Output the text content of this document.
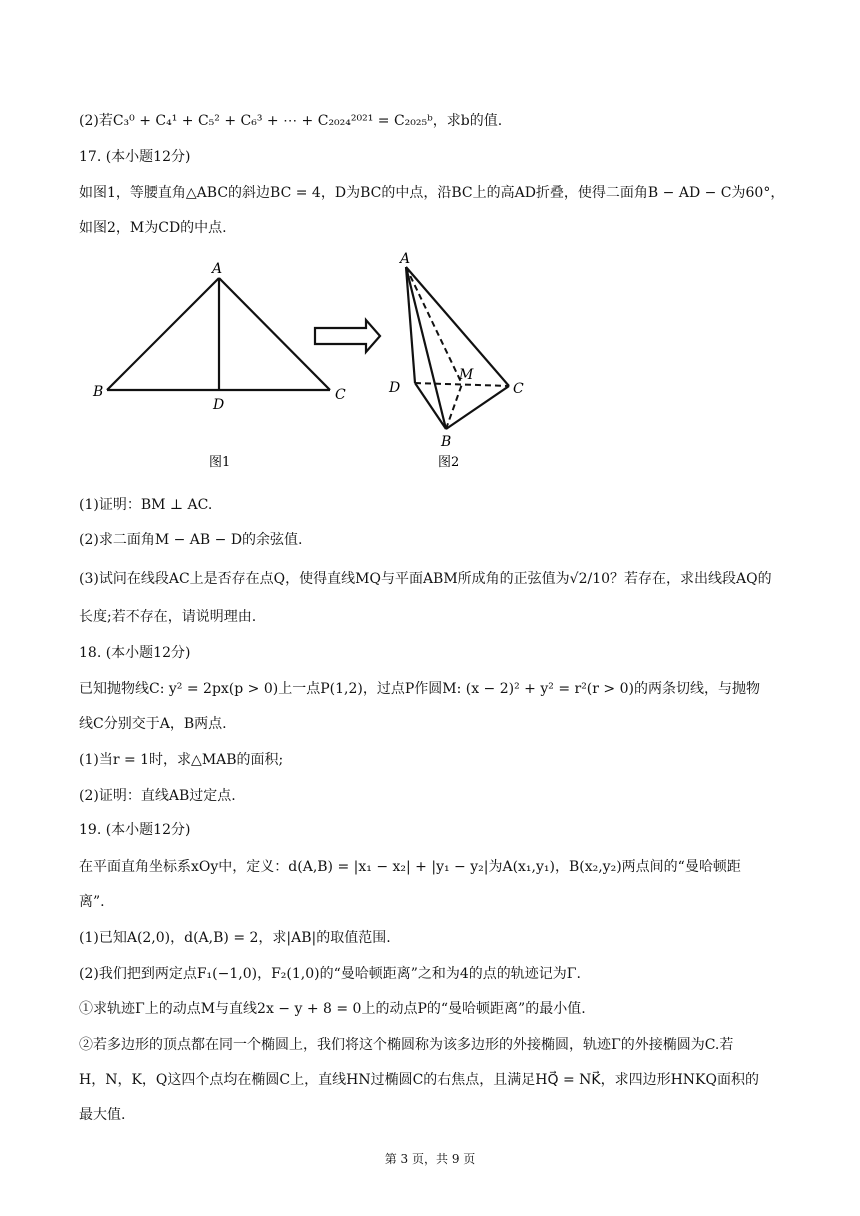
(2)若C₃⁰ + C₄¹ + C₅² + C₆³ + ⋯ + C₂₀₂₄²⁰²¹ = C₂₀₂₅ᵇ，求b的值.
17. (本小题12分)
如图1，等腰直角△ABC的斜边BC = 4，D为BC的中点，沿BC上的高AD折叠，使得二面角B − AD − C为60°，
如图2，M为CD的中点.
A
B	C
D
A
D
M
C
B
图1	图2
(1)证明：BM ⊥ AC.
(2)求二面角M − AB − D的余弦值.
(3)试问在线段AC上是否存在点Q，使得直线MQ与平面ABM所成角的正弦值为√2/10？若存在，求出线段AQ的
长度;若不存在，请说明理由.
18. (本小题12分)
已知抛物线C: y² = 2px(p > 0)上一点P(1,2)，过点P作圆M: (x − 2)² + y² = r²(r > 0)的两条切线，与抛物
线C分别交于A，B两点.
(1)当r = 1时，求△MAB的面积;
(2)证明：直线AB过定点.
19. (本小题12分)
在平面直角坐标系xOy中，定义：d(A,B) = |x₁ − x₂| + |y₁ − y₂|为A(x₁,y₁)，B(x₂,y₂)两点间的“曼哈顿距
离”.
(1)已知A(2,0)，d(A,B) = 2，求|AB|的取值范围.
(2)我们把到两定点F₁(−1,0)，F₂(1,0)的“曼哈顿距离”之和为4的点的轨迹记为Γ.
①求轨迹Γ上的动点M与直线2x − y + 8 = 0上的动点P的“曼哈顿距离”的最小值.
②若多边形的顶点都在同一个椭圆上，我们将这个椭圆称为该多边形的外接椭圆，轨迹Γ的外接椭圆为C.若
H，N，K，Q这四个点均在椭圆C上，直线HN过椭圆C的右焦点，且满足HQ⃗ = NK⃗，求四边形HNKQ面积的
最大值.
第 3 页，共 9 页
